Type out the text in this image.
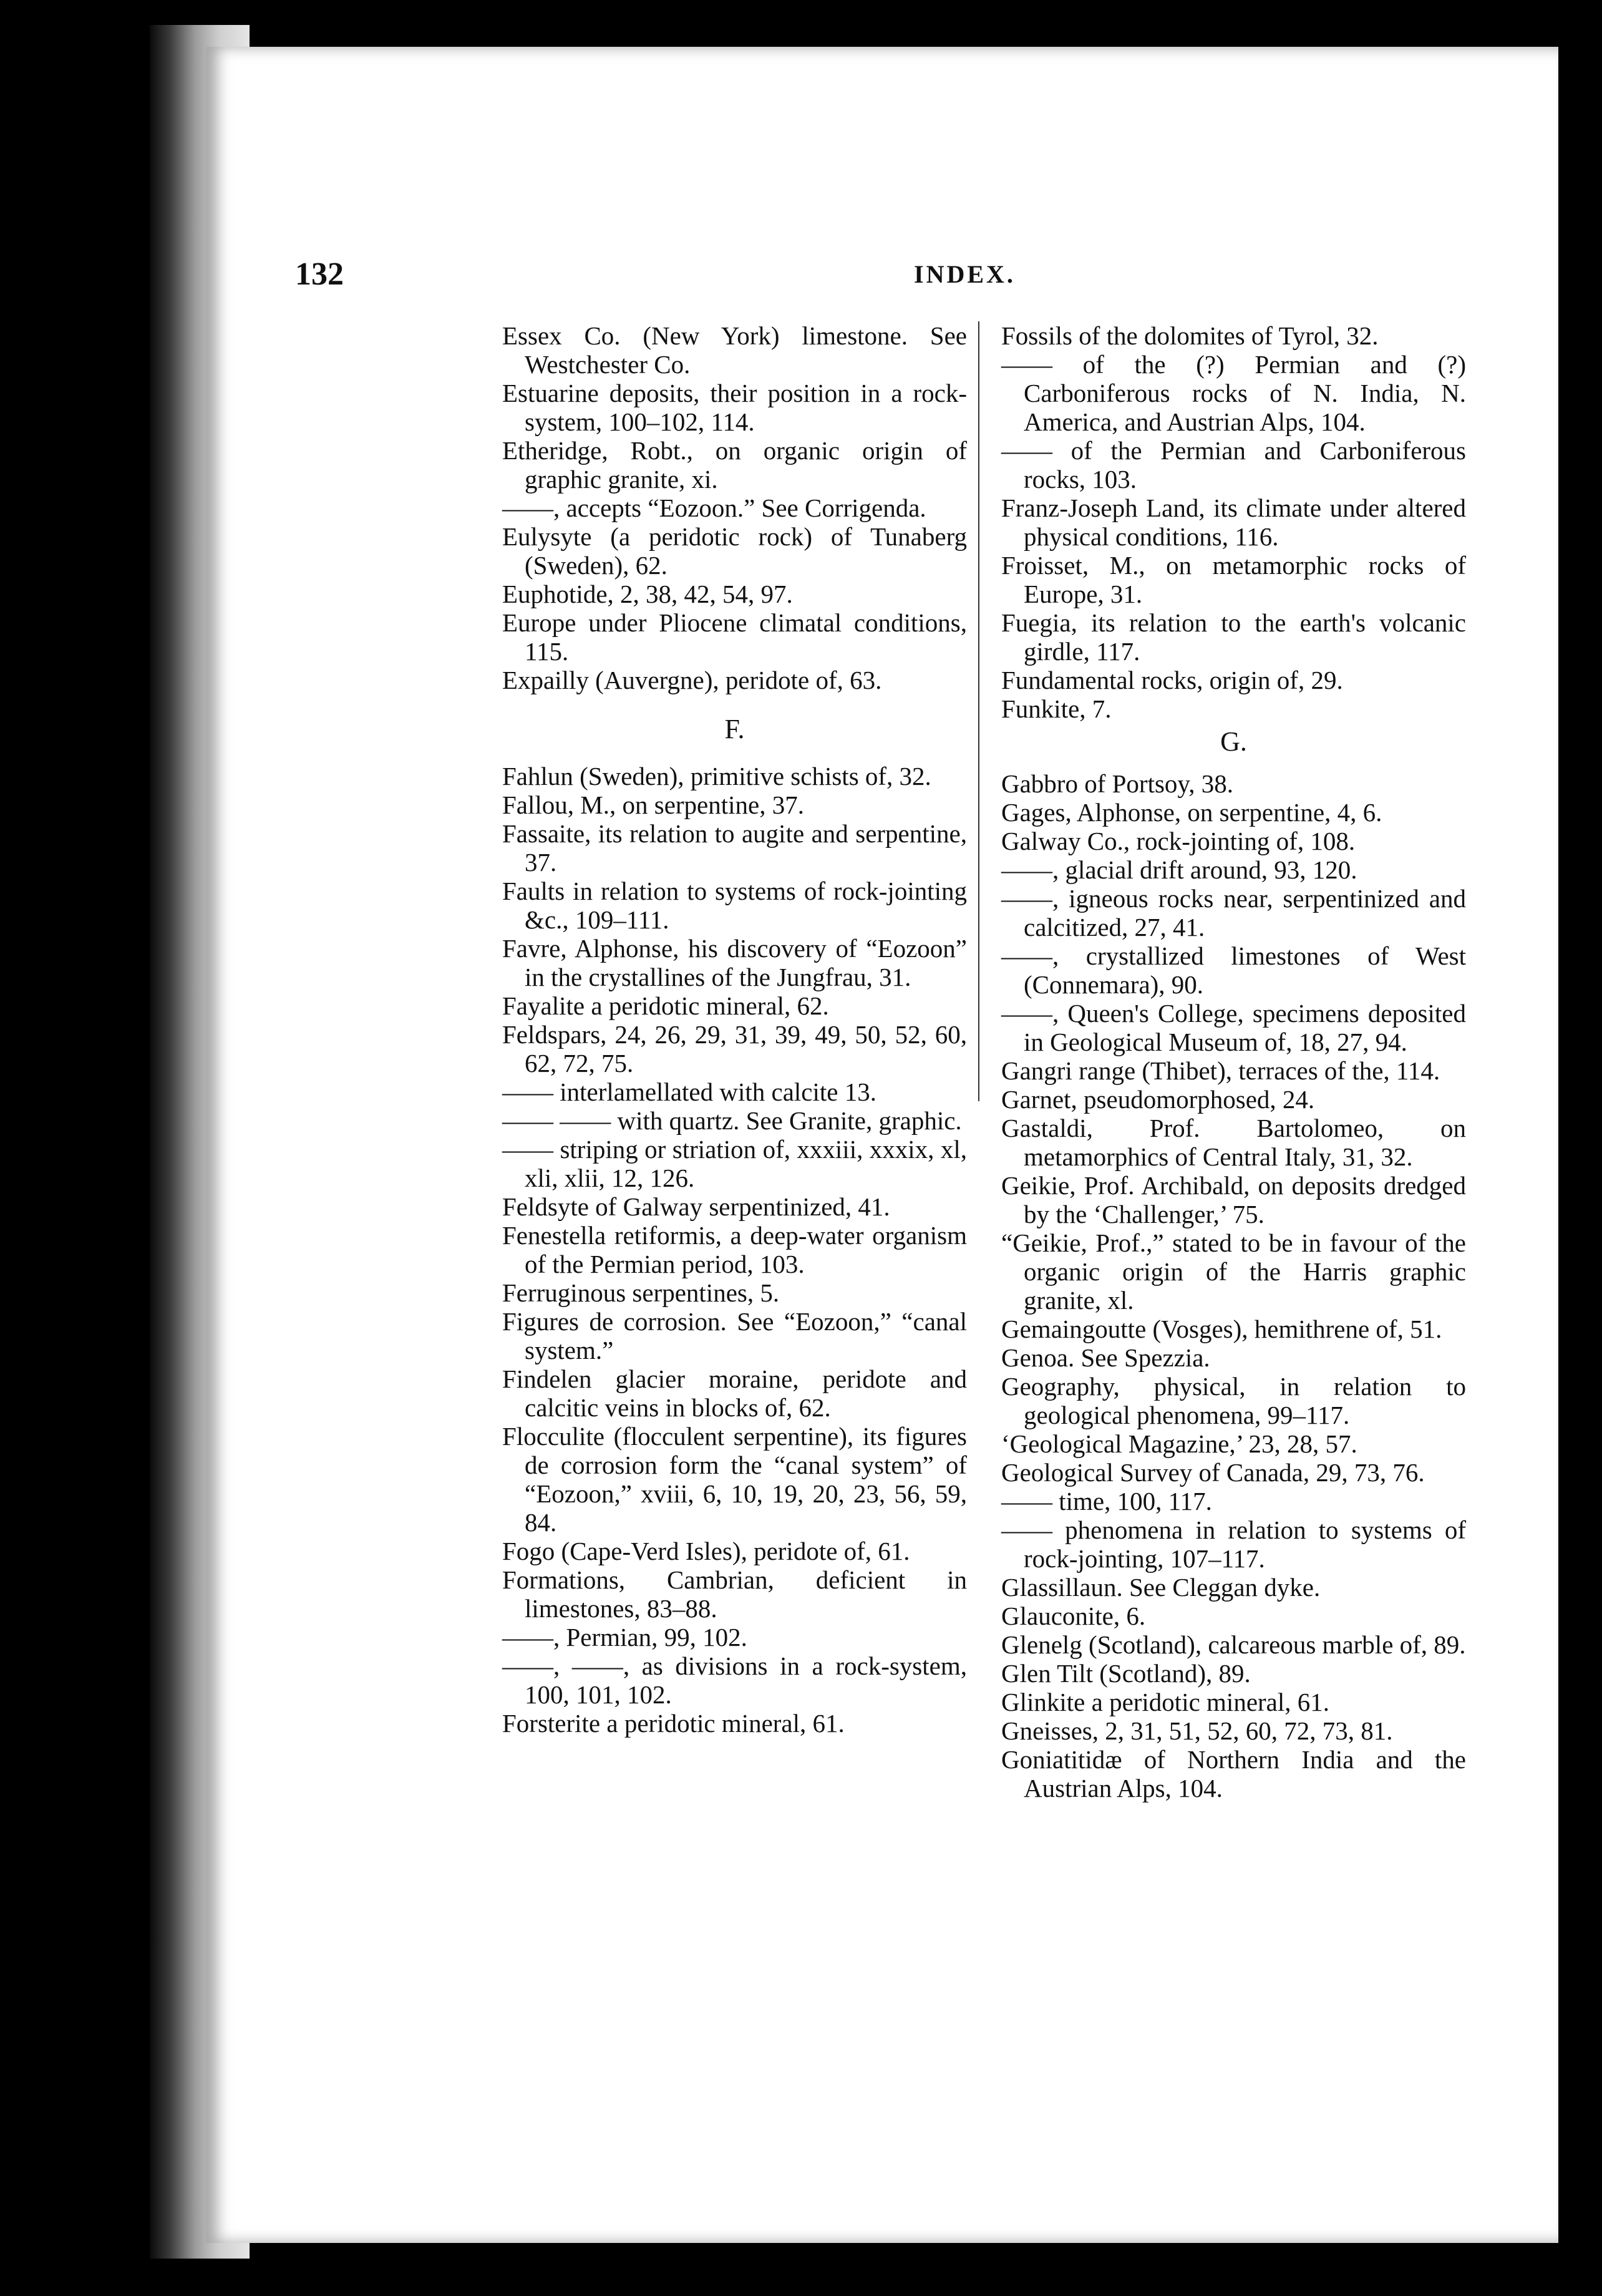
132	INDEX.

Essex Co. (New York) limestone. See Westchester Co.

Estuarine deposits, their position in a rock-system, 100–102, 114.

Etheridge, Robt., on organic origin of graphic granite, xi.

——, accepts “Eozoon.” See Corrigenda.

Eulysyte (a peridotic rock) of Tunaberg (Sweden), 62.

Euphotide, 2, 38, 42, 54, 97.

Europe under Pliocene climatal conditions, 115.

Expailly (Auvergne), peridote of, 63.

F.

Fahlun (Sweden), primitive schists of, 32.

Fallou, M., on serpentine, 37.

Fassaite, its relation to augite and serpentine, 37.

Faults in relation to systems of rock-jointing &c., 109–111.

Favre, Alphonse, his discovery of “Eozoon” in the crystallines of the Jungfrau, 31.

Fayalite a peridotic mineral, 62.

Feldspars, 24, 26, 29, 31, 39, 49, 50, 52, 60, 62, 72, 75.

—— interlamellated with calcite 13.

—— —— with quartz. See Granite, graphic.

—— striping or striation of, xxxiii, xxxix, xl, xli, xlii, 12, 126.

Feldsyte of Galway serpentinized, 41.

Fenestella retiformis, a deep-water organism of the Permian period, 103.

Ferruginous serpentines, 5.

Figures de corrosion. See “Eozoon,” “canal system.”

Findelen glacier moraine, peridote and calcitic veins in blocks of, 62.

Flocculite (flocculent serpentine), its figures de corrosion form the “canal system” of “Eozoon,” xviii, 6, 10, 19, 20, 23, 56, 59, 84.

Fogo (Cape-Verd Isles), peridote of, 61.

Formations, Cambrian, deficient in limestones, 83–88.

——, Permian, 99, 102.

——, ——, as divisions in a rock-system, 100, 101, 102.

Forsterite a peridotic mineral, 61.

Fossils of the dolomites of Tyrol, 32.

—— of the (?) Permian and (?) Carboniferous rocks of N. India, N. America, and Austrian Alps, 104.

—— of the Permian and Carboniferous rocks, 103.

Franz-Joseph Land, its climate under altered physical conditions, 116.

Froisset, M., on metamorphic rocks of Europe, 31.

Fuegia, its relation to the earth's volcanic girdle, 117.

Fundamental rocks, origin of, 29.

Funkite, 7.

G.

Gabbro of Portsoy, 38.

Gages, Alphonse, on serpentine, 4, 6.

Galway Co., rock-jointing of, 108.

——, glacial drift around, 93, 120.

——, igneous rocks near, serpentinized and calcitized, 27, 41.

——, crystallized limestones of West (Connemara), 90.

——, Queen's College, specimens deposited in Geological Museum of, 18, 27, 94.

Gangri range (Thibet), terraces of the, 114.

Garnet, pseudomorphosed, 24.

Gastaldi, Prof. Bartolomeo, on metamorphics of Central Italy, 31, 32.

Geikie, Prof. Archibald, on deposits dredged by the ‘Challenger,’ 75.

“Geikie, Prof.,” stated to be in favour of the organic origin of the Harris graphic granite, xl.

Gemaingoutte (Vosges), hemithrene of, 51.

Genoa. See Spezzia.

Geography, physical, in relation to geological phenomena, 99–117.

‘Geological Magazine,’ 23, 28, 57.

Geological Survey of Canada, 29, 73, 76.

—— time, 100, 117.

—— phenomena in relation to systems of rock-jointing, 107–117.

Glassillaun. See Cleggan dyke.

Glauconite, 6.

Glenelg (Scotland), calcareous marble of, 89.

Glen Tilt (Scotland), 89.

Glinkite a peridotic mineral, 61.

Gneisses, 2, 31, 51, 52, 60, 72, 73, 81.

Goniatitidæ of Northern India and the Austrian Alps, 104.
